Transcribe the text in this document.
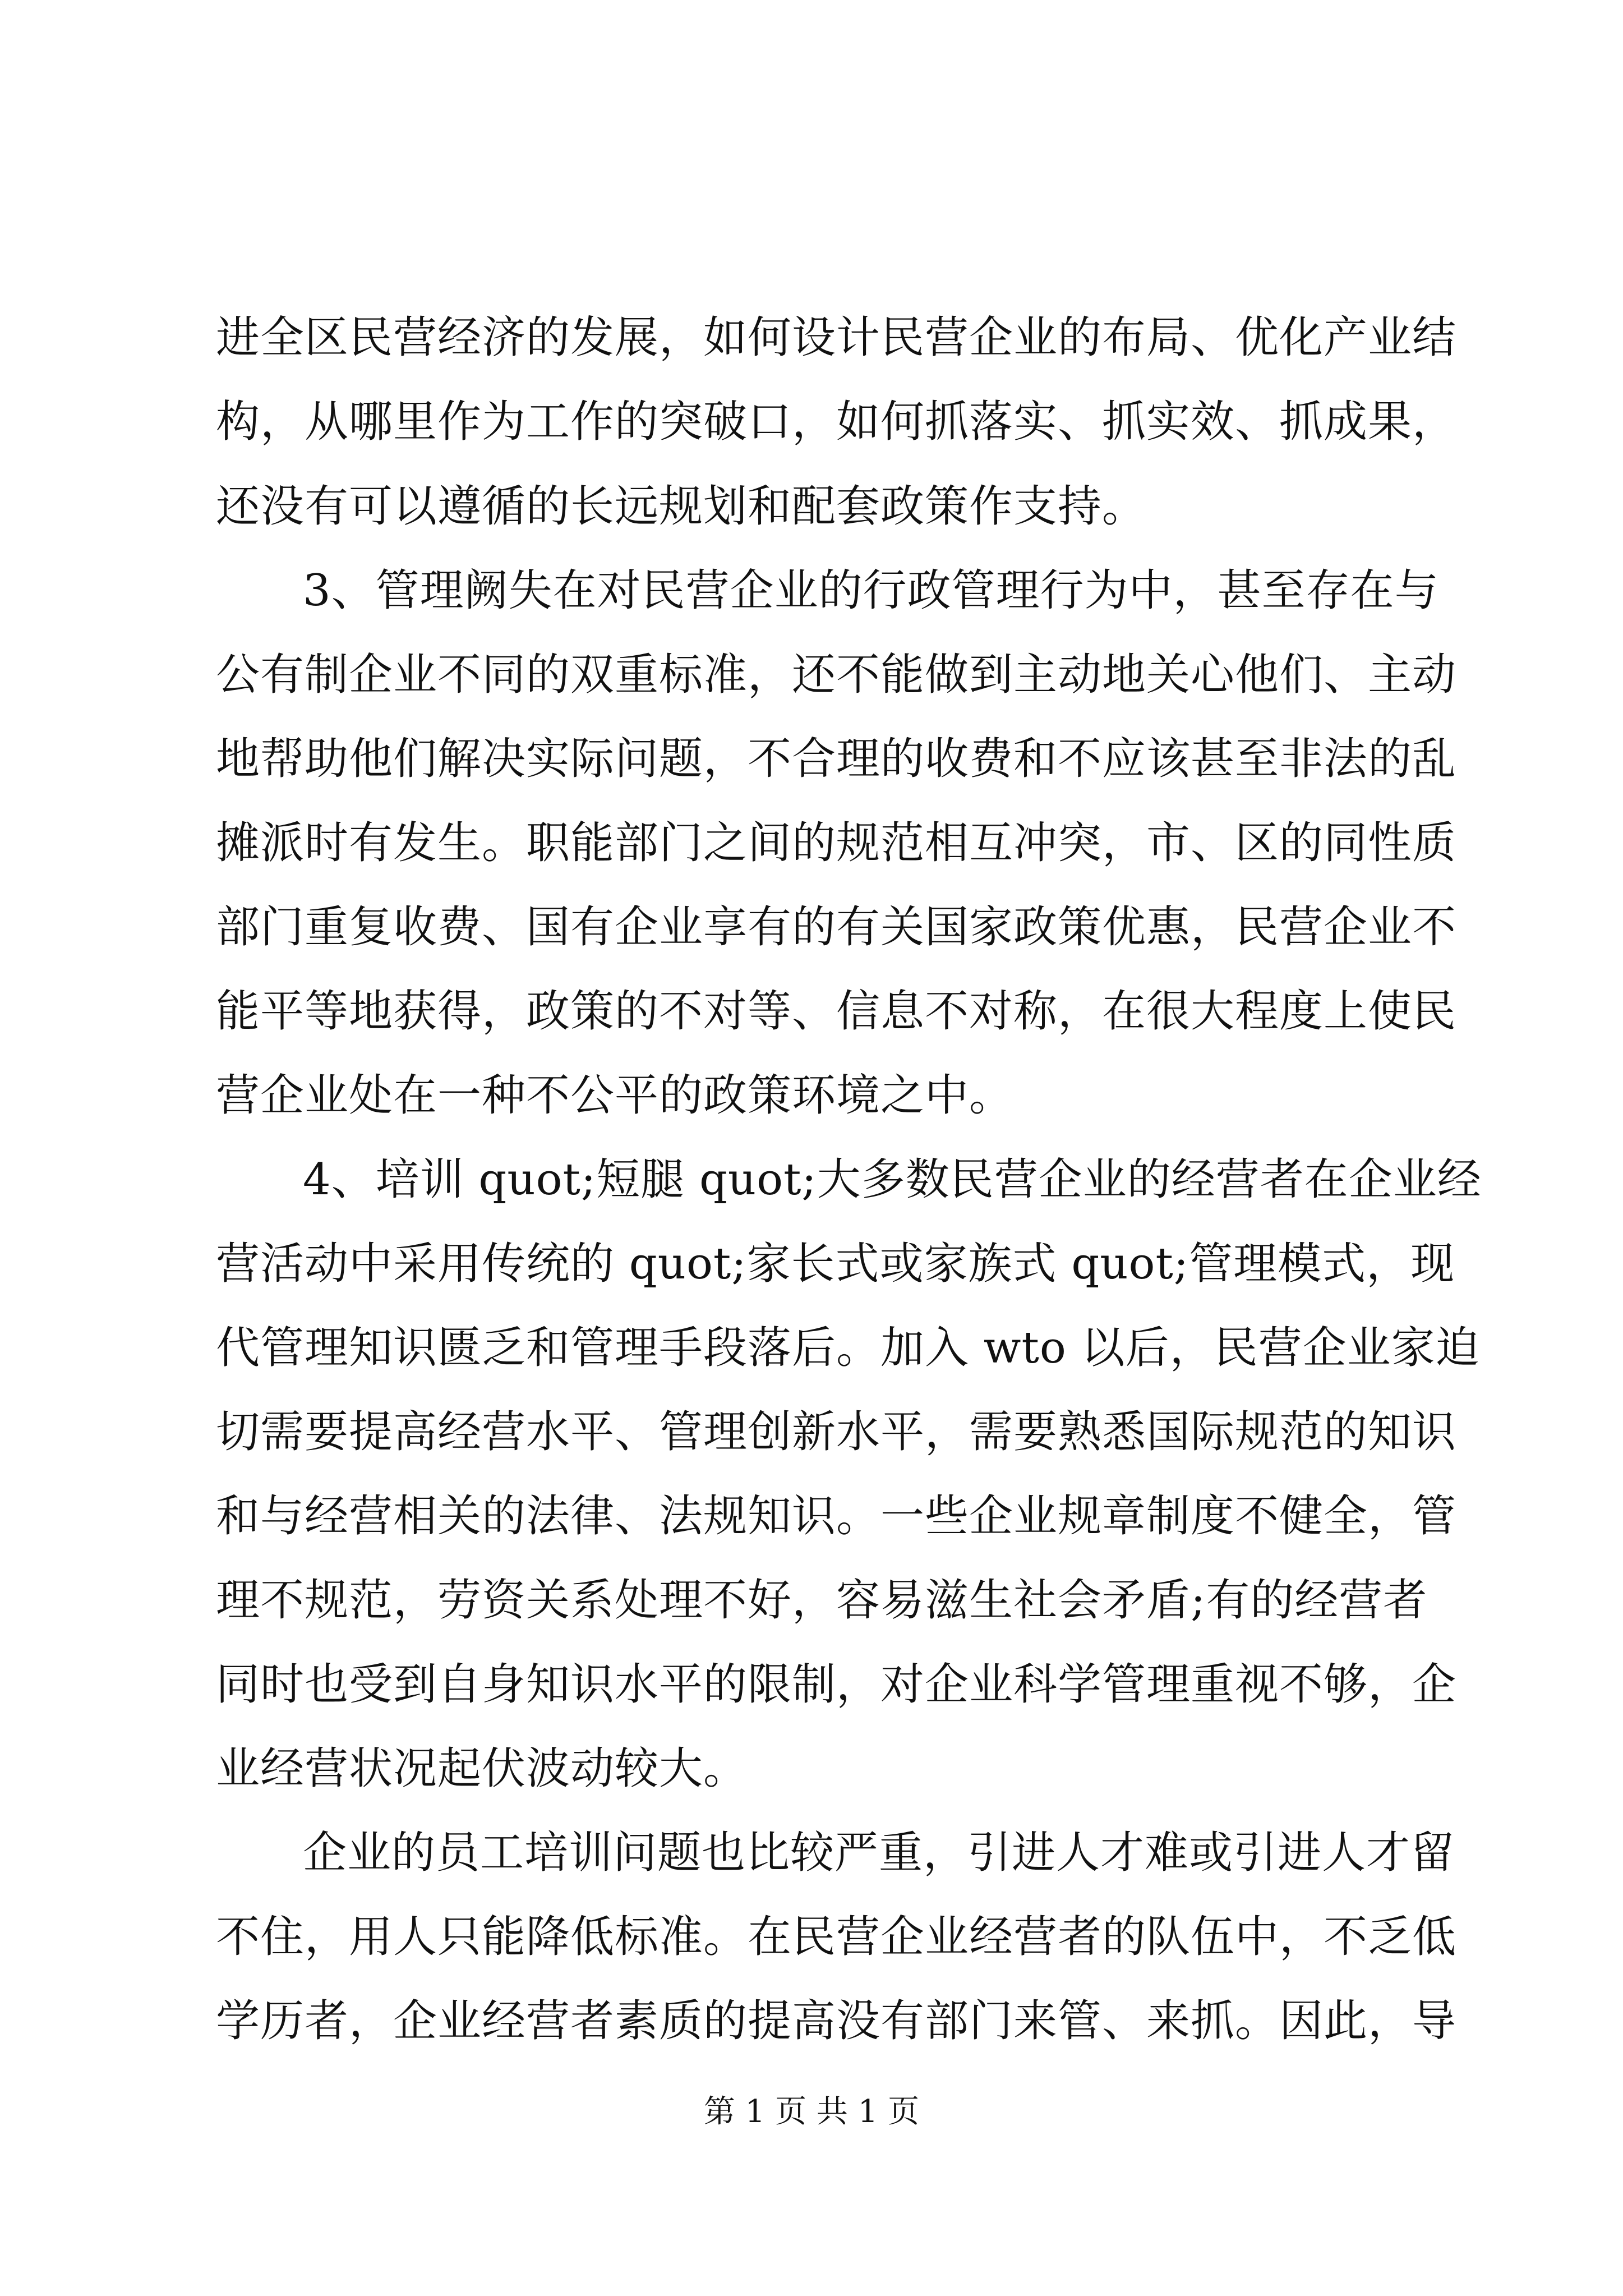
进全区民营经济的发展，如何设计民营企业的布局、优化产业结
构，从哪里作为工作的突破口，如何抓落实、抓实效、抓成果，
还没有可以遵循的长远规划和配套政策作支持。
3、管理阙失在对民营企业的行政管理行为中，甚至存在与
公有制企业不同的双重标准，还不能做到主动地关心他们、主动
地帮助他们解决实际问题，不合理的收费和不应该甚至非法的乱
摊派时有发生。职能部门之间的规范相互冲突，市、区的同性质
部门重复收费、国有企业享有的有关国家政策优惠，民营企业不
能平等地获得，政策的不对等、信息不对称，在很大程度上使民
营企业处在一种不公平的政策环境之中。
4、培训 quot;短腿 quot;大多数民营企业的经营者在企业经
营活动中采用传统的 quot;家长式或家族式 quot;管理模式，现
代管理知识匮乏和管理手段落后。加入 wto 以后，民营企业家迫
切需要提高经营水平、管理创新水平，需要熟悉国际规范的知识
和与经营相关的法律、法规知识。一些企业规章制度不健全，管
理不规范，劳资关系处理不好，容易滋生社会矛盾;有的经营者
同时也受到自身知识水平的限制，对企业科学管理重视不够，企
业经营状况起伏波动较大。
企业的员工培训问题也比较严重，引进人才难或引进人才留
不住，用人只能降低标准。在民营企业经营者的队伍中，不乏低
学历者，企业经营者素质的提高没有部门来管、来抓。因此，导
第 1 页 共 1 页
